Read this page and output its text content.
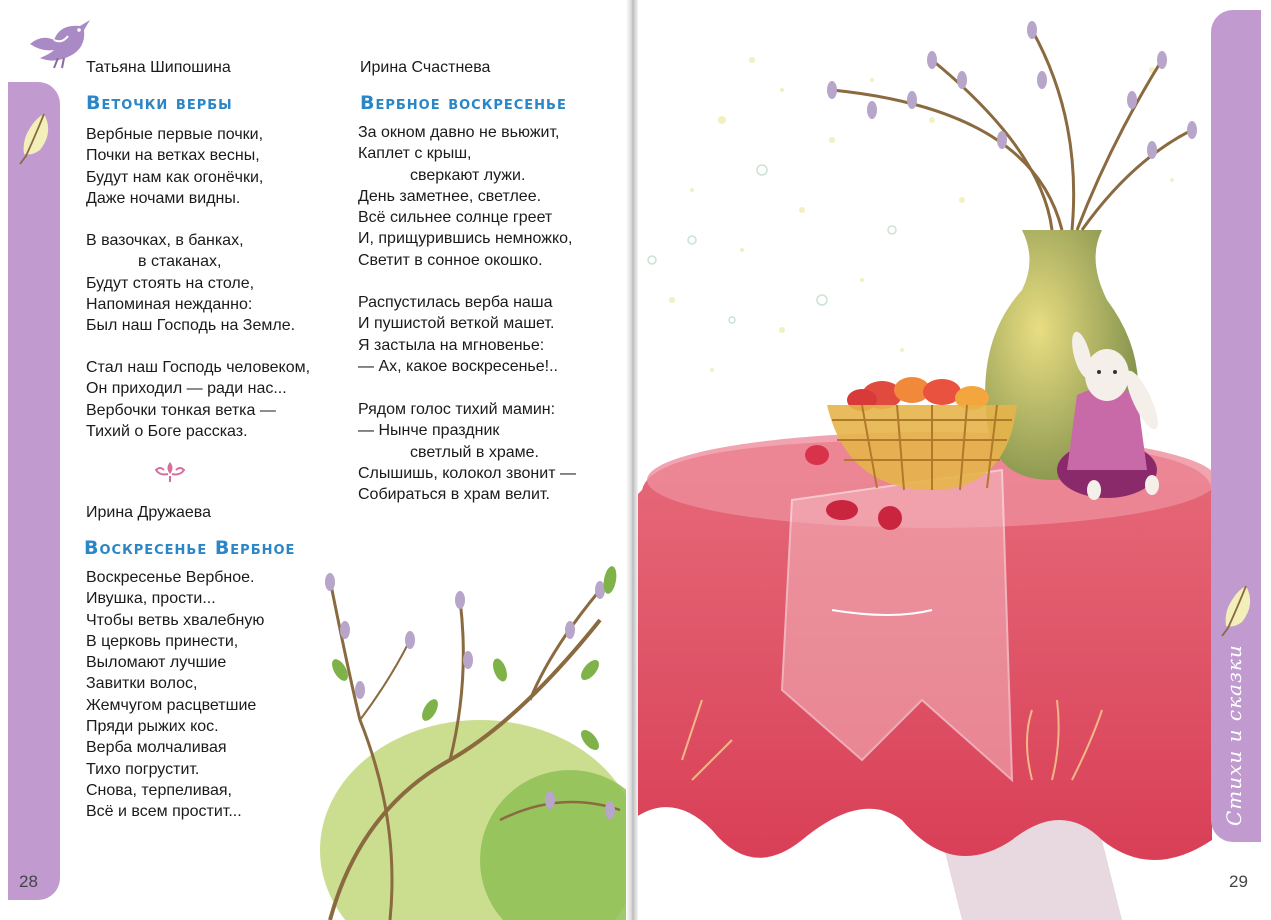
Татьяна Шипошина

Веточки вербы
Вербные первые почки,
Почки на ветках весны,
Будут нам как огонёчки,
Даже ночами видны.
В вазочках, в банках,
в стаканах,
Будут стоять на столе,
Напоминая нежданно:
Был наш Господь на Земле.
Стал наш Господь человеком,
Он приходил — ради нас...
Вербочки тонкая ветка —
Тихий о Боге рассказ.

Ирина Дружаева

Воскресенье Вербное
Воскресенье Вербное.
Ивушка, прости...
Чтобы ветвь хвалебную
В церковь принести,
Выломают лучшие
Завитки волос,
Жемчугом расцветшие
Пряди рыжих кос.
Верба молчаливая
Тихо погрустит.
Снова, терпеливая,
Всё и всем простит...

Ирина Счастнева

Вербное воскресенье
За окном давно не вьюжит,
Каплет с крыш,
сверкают лужи.
День заметнее, светлее.
Всё сильнее солнце греет
И, прищурившись немножко,
Светит в сонное окошко.
Распустилась верба наша
И пушистой веткой машет.
Я застыла на мгновенье:
— Ах, какое воскресенье!..
Рядом голос тихий мамин:
— Нынче праздник
светлый в храме.
Слышишь, колокол звонит —
Собираться в храм велит.
28
Стихи и сказки
29
